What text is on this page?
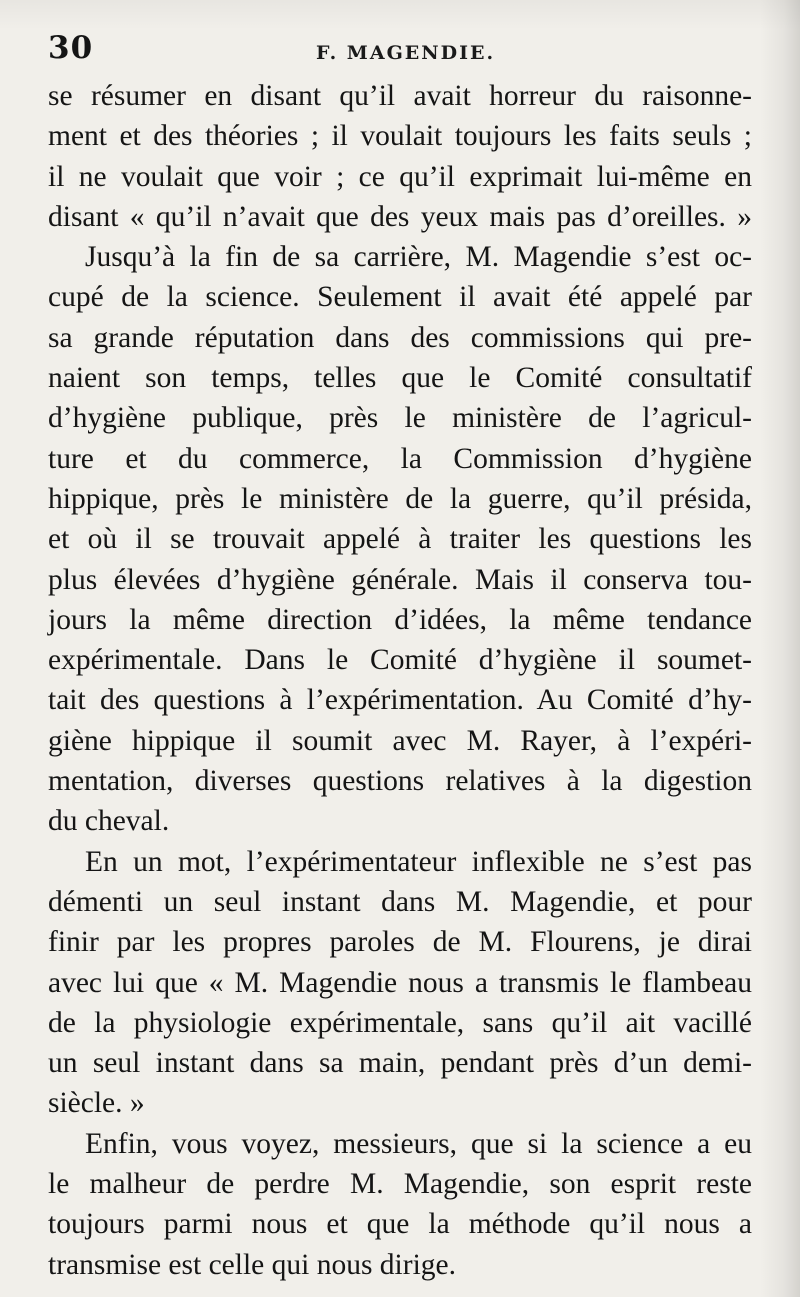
30	F. MAGENDIE.
se résumer en disant qu’il avait horreur du raisonne-
ment et des théories ; il voulait toujours les faits seuls ;
il ne voulait que voir ; ce qu’il exprimait lui-même en
disant « qu’il n’avait que des yeux mais pas d’oreilles. »
Jusqu’à la fin de sa carrière, M. Magendie s’est oc-
cupé de la science. Seulement il avait été appelé par
sa grande réputation dans des commissions qui pre-
naient son temps, telles que le Comité consultatif
d’hygiène publique, près le ministère de l’agricul-
ture et du commerce, la Commission d’hygiène
hippique, près le ministère de la guerre, qu’il présida,
et où il se trouvait appelé à traiter les questions les
plus élevées d’hygiène générale. Mais il conserva tou-
jours la même direction d’idées, la même tendance
expérimentale. Dans le Comité d’hygiène il soumet-
tait des questions à l’expérimentation. Au Comité d’hy-
giène hippique il soumit avec M. Rayer, à l’expéri-
mentation, diverses questions relatives à la digestion
du cheval.
En un mot, l’expérimentateur inflexible ne s’est pas
démenti un seul instant dans M. Magendie, et pour
finir par les propres paroles de M. Flourens, je dirai
avec lui que « M. Magendie nous a transmis le flambeau
de la physiologie expérimentale, sans qu’il ait vacillé
un seul instant dans sa main, pendant près d’un demi-
siècle. »
Enfin, vous voyez, messieurs, que si la science a eu
le malheur de perdre M. Magendie, son esprit reste
toujours parmi nous et que la méthode qu’il nous a
transmise est celle qui nous dirige.
